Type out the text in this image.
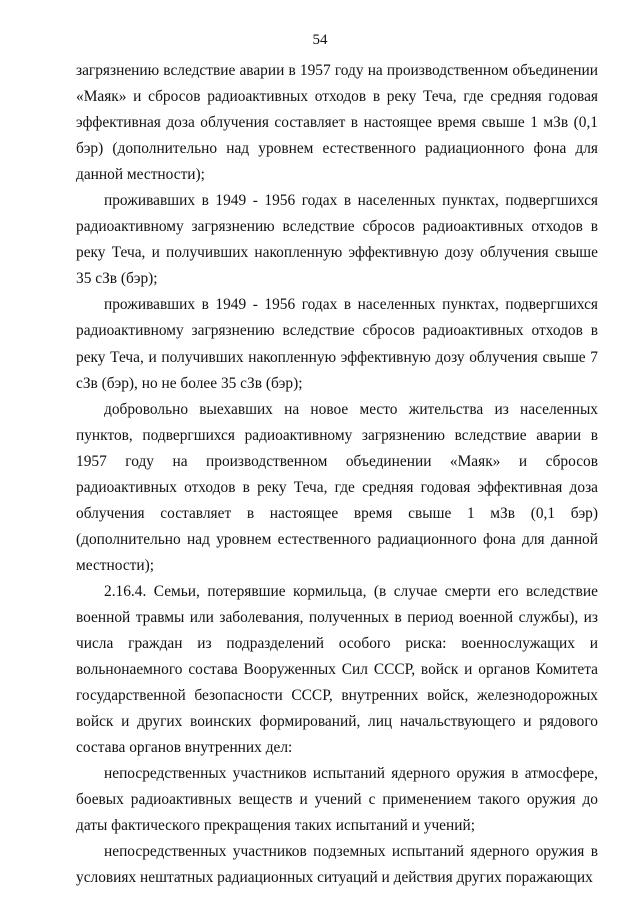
54

загрязнению вследствие аварии в 1957 году на производственном объединении «Маяк» и сбросов радиоактивных отходов в реку Теча, где средняя годовая эффективная доза облучения составляет в настоящее время свыше 1 мЗв (0,1 бэр) (дополнительно над уровнем естественного радиационного фона для данной местности);

проживавших в 1949 - 1956 годах в населенных пунктах, подвергшихся радиоактивному загрязнению вследствие сбросов радиоактивных отходов в реку Теча, и получивших накопленную эффективную дозу облучения свыше 35 сЗв (бэр);

проживавших в 1949 - 1956 годах в населенных пунктах, подвергшихся радиоактивному загрязнению вследствие сбросов радиоактивных отходов в реку Теча, и получивших накопленную эффективную дозу облучения свыше 7 сЗв (бэр), но не более 35 сЗв (бэр);

добровольно выехавших на новое место жительства из населенных пунктов, подвергшихся радиоактивному загрязнению вследствие аварии в 1957 году на производственном объединении «Маяк» и сбросов радиоактивных отходов в реку Теча, где средняя годовая эффективная доза облучения составляет в настоящее время свыше 1 мЗв (0,1 бэр) (дополнительно над уровнем естественного радиационного фона для данной местности);

2.16.4. Семьи, потерявшие кормильца, (в случае смерти его вследствие военной травмы или заболевания, полученных в период военной службы), из числа граждан из подразделений особого риска: военнослужащих и вольнонаемного состава Вооруженных Сил СССР, войск и органов Комитета государственной безопасности СССР, внутренних войск, железнодорожных войск и других воинских формирований, лиц начальствующего и рядового состава органов внутренних дел:

непосредственных участников испытаний ядерного оружия в атмосфере, боевых радиоактивных веществ и учений с применением такого оружия до даты фактического прекращения таких испытаний и учений;

непосредственных участников подземных испытаний ядерного оружия в условиях нештатных радиационных ситуаций и действия других поражающих
